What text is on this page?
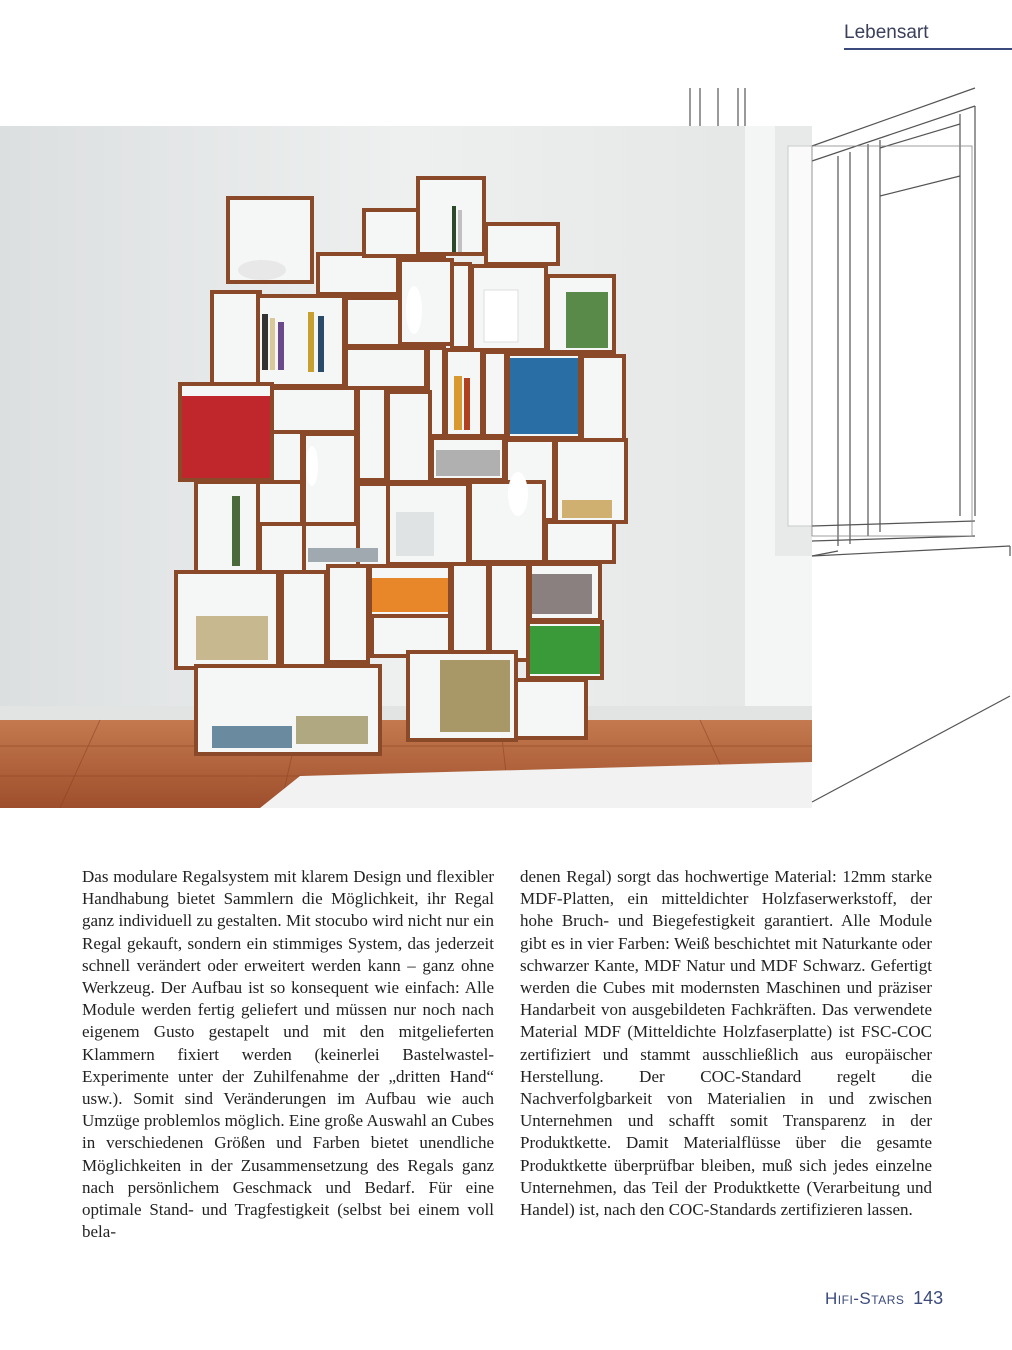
Lebensart
Das modulare Regalsystem mit klarem Design und flexibler Handhabung bietet Sammlern die Möglichkeit, ihr Regal ganz individuell zu gestalten. Mit stocubo wird nicht nur ein Regal gekauft, sondern ein stimmiges System, das jederzeit schnell verändert oder erweitert werden kann – ganz ohne Werkzeug. Der Aufbau ist so konsequent wie einfach: Alle Module werden fertig geliefert und müssen nur noch nach eigenem Gusto gestapelt und mit den mitgelieferten Klammern fixiert werden (keinerlei Bastelwastel-Experimente unter der Zuhilfenahme der „dritten Hand“ usw.). Somit sind Veränderungen im Aufbau wie auch Umzüge problemlos möglich. Eine große Auswahl an Cubes in verschiedenen Größen und Farben bietet unendliche Möglichkeiten in der Zusammensetzung des Regals ganz nach persönlichem Geschmack und Bedarf. Für eine optimale Stand- und Tragfestigkeit (selbst bei einem voll bela-
denen Regal) sorgt das hochwertige Material: 12mm starke MDF-Platten, ein mitteldichter Holzfaserwerkstoff, der hohe Bruch- und Biegefestigkeit garantiert. Alle Module gibt es in vier Farben: Weiß beschichtet mit Naturkante oder schwarzer Kante, MDF Natur und MDF Schwarz. Gefertigt werden die Cubes mit modernsten Maschinen und präziser Handarbeit von ausgebildeten Fachkräften. Das verwendete Material MDF (Mitteldichte Holzfaserplatte) ist FSC-COC zertifiziert und stammt ausschließlich aus europäischer Herstellung. Der COC-Standard regelt die Nachverfolgbarkeit von Materialien in und zwischen Unternehmen und schafft somit Transparenz in der Produktkette. Damit Materialflüsse über die gesamte Produktkette überprüfbar bleiben, muß sich jedes einzelne Unternehmen, das Teil der Produktkette (Verarbeitung und Handel) ist, nach den COC-Standards zertifizieren lassen.
Hifi-Stars 143
